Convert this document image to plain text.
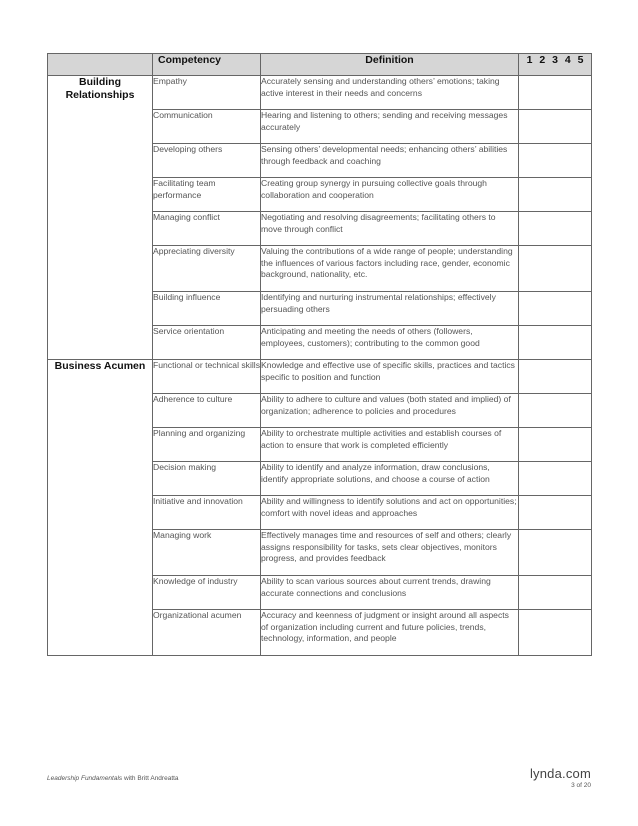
	Competency	Definition	1 2 3 4 5
Building Relationships	Empathy	Accurately sensing and understanding others’ emotions; taking active interest in their needs and concerns	
	Communication	Hearing and listening to others; sending and receiving messages accurately	
	Developing others	Sensing others’ developmental needs; enhancing others’ abilities through feedback and coaching	
	Facilitating team performance	Creating group synergy in pursuing collective goals through collaboration and cooperation	
	Managing conflict	Negotiating and resolving disagreements; facilitating others to move through conflict	
	Appreciating diversity	Valuing the contributions of a wide range of people; understanding the influences of various factors including race, gender, economic background, nationality, etc.	
	Building influence	Identifying and nurturing instrumental relationships; effectively persuading others	
	Service orientation	Anticipating and meeting the needs of others (followers, employees, customers); contributing to the common good	
Business Acumen	Functional or technical skills	Knowledge and effective use of specific skills, practices and tactics specific to position and function	
	Adherence to culture	Ability to adhere to culture and values (both stated and implied) of organization; adherence to policies and procedures	
	Planning and organizing	Ability to orchestrate multiple activities and establish courses of action to ensure that work is completed efficiently	
	Decision making	Ability to identify and analyze information, draw conclusions, identify appropriate solutions, and choose a course of action	
	Initiative and innovation	Ability and willingness to identify solutions and act on opportunities; comfort with novel ideas and approaches	
	Managing work	Effectively manages time and resources of self and others; clearly assigns responsibility for tasks, sets clear objectives, monitors progress, and provides feedback	
	Knowledge of industry	Ability to scan various sources about current trends, drawing accurate connections and conclusions	
	Organizational acumen	Accuracy and keenness of judgment or insight around all aspects of organization including current and future policies, trends, technology, information, and people	
Leadership Fundamentals with Britt Andreatta	lynda.com
3 of 20
